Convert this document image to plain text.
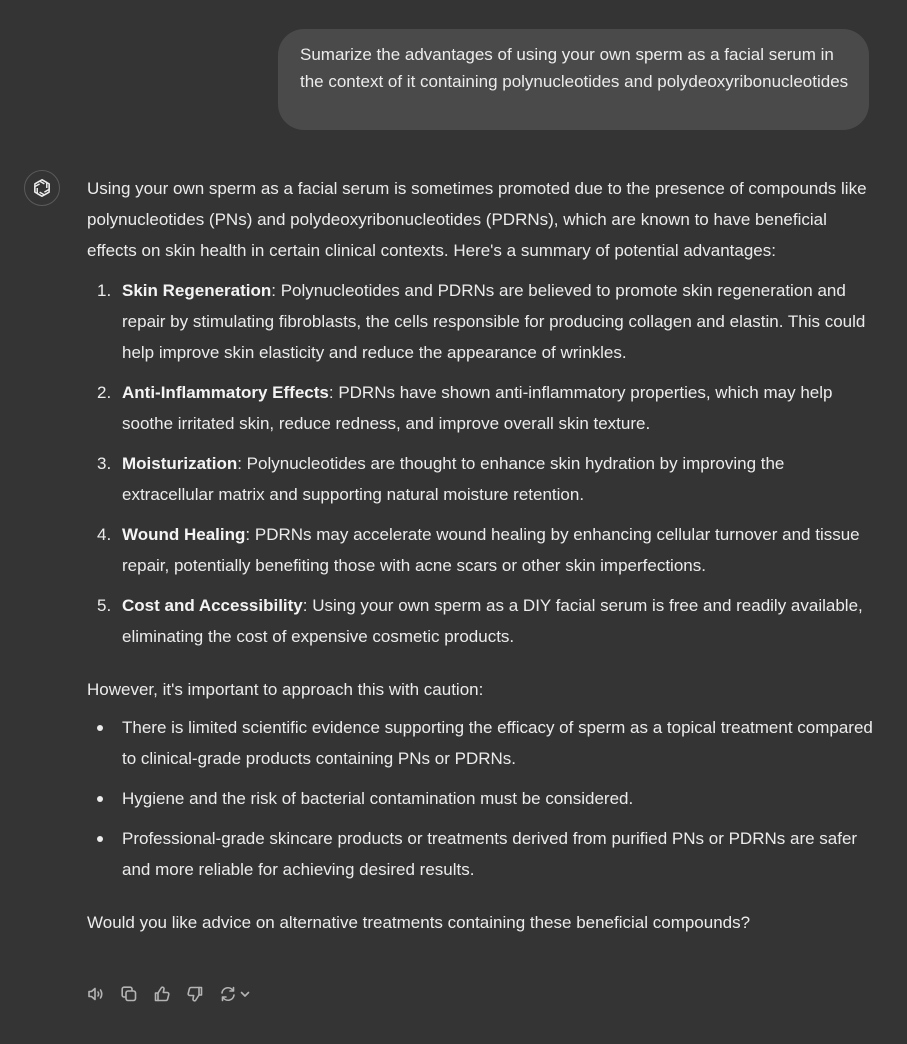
Sumarize the advantages of using your own sperm as a facial serum in the context of it containing polynucleotides and polydeoxyribonucleotides

Using your own sperm as a facial serum is sometimes promoted due to the presence of compounds like polynucleotides (PNs) and polydeoxyribonucleotides (PDRNs), which are known to have beneficial effects on skin health in certain clinical contexts. Here's a summary of potential advantages:

1. Skin Regeneration: Polynucleotides and PDRNs are believed to promote skin regeneration and repair by stimulating fibroblasts, the cells responsible for producing collagen and elastin. This could help improve skin elasticity and reduce the appearance of wrinkles.
2. Anti-Inflammatory Effects: PDRNs have shown anti-inflammatory properties, which may help soothe irritated skin, reduce redness, and improve overall skin texture.
3. Moisturization: Polynucleotides are thought to enhance skin hydration by improving the extracellular matrix and supporting natural moisture retention.
4. Wound Healing: PDRNs may accelerate wound healing by enhancing cellular turnover and tissue repair, potentially benefiting those with acne scars or other skin imperfections.
5. Cost and Accessibility: Using your own sperm as a DIY facial serum is free and readily available, eliminating the cost of expensive cosmetic products.

However, it's important to approach this with caution:

There is limited scientific evidence supporting the efficacy of sperm as a topical treatment compared to clinical-grade products containing PNs or PDRNs.
Hygiene and the risk of bacterial contamination must be considered.
Professional-grade skincare products or treatments derived from purified PNs or PDRNs are safer and more reliable for achieving desired results.

Would you like advice on alternative treatments containing these beneficial compounds?
